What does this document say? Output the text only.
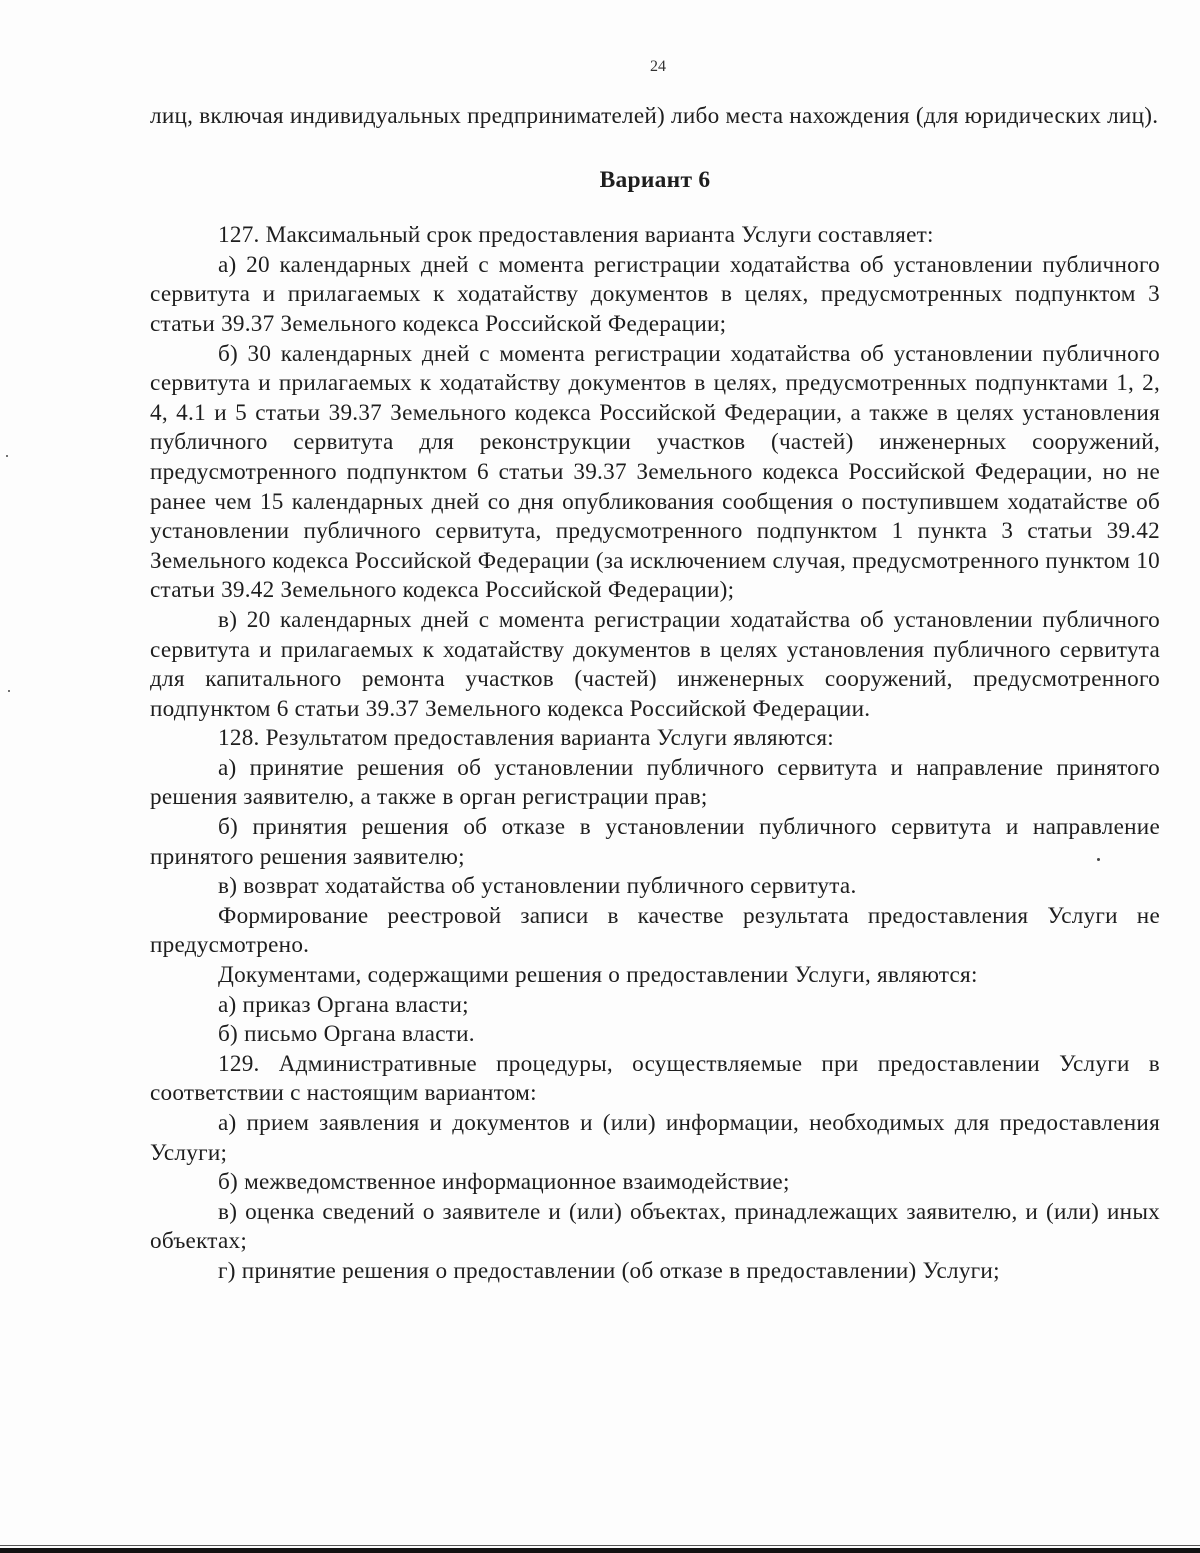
24

лиц, включая индивидуальных предпринимателей) либо места нахождения (для юридических лиц).

Вариант 6

127. Максимальный срок предоставления варианта Услуги составляет:

а) 20 календарных дней с момента регистрации ходатайства об установлении публичного сервитута и прилагаемых к ходатайству документов в целях, предусмотренных подпунктом 3 статьи 39.37 Земельного кодекса Российской Федерации;

б) 30 календарных дней с момента регистрации ходатайства об установлении публичного сервитута и прилагаемых к ходатайству документов в целях, предусмотренных подпунктами 1, 2, 4, 4.1 и 5 статьи 39.37 Земельного кодекса Российской Федерации, а также в целях установления публичного сервитута для реконструкции участков (частей) инженерных сооружений, предусмотренного подпунктом 6 статьи 39.37 Земельного кодекса Российской Федерации, но не ранее чем 15 календарных дней со дня опубликования сообщения о поступившем ходатайстве об установлении публичного сервитута, предусмотренного подпунктом 1 пункта 3 статьи 39.42 Земельного кодекса Российской Федерации (за исключением случая, предусмотренного пунктом 10 статьи 39.42 Земельного кодекса Российской Федерации);

в) 20 календарных дней с момента регистрации ходатайства об установлении публичного сервитута и прилагаемых к ходатайству документов в целях установления публичного сервитута для капитального ремонта участков (частей) инженерных сооружений, предусмотренного подпунктом 6 статьи 39.37 Земельного кодекса Российской Федерации.

128. Результатом предоставления варианта Услуги являются:

а) принятие решения об установлении публичного сервитута и направление принятого решения заявителю, а также в орган регистрации прав;

б) принятия решения об отказе в установлении публичного сервитута и направление принятого решения заявителю;

в) возврат ходатайства об установлении публичного сервитута.

Формирование реестровой записи в качестве результата предоставления Услуги не предусмотрено.

Документами, содержащими решения о предоставлении Услуги, являются:

а) приказ Органа власти;

б) письмо Органа власти.

129. Административные процедуры, осуществляемые при предоставлении Услуги в соответствии с настоящим вариантом:

а) прием заявления и документов и (или) информации, необходимых для предоставления Услуги;

б) межведомственное информационное взаимодействие;

в) оценка сведений о заявителе и (или) объектах, принадлежащих заявителю, и (или) иных объектах;

г) принятие решения о предоставлении (об отказе в предоставлении) Услуги;
